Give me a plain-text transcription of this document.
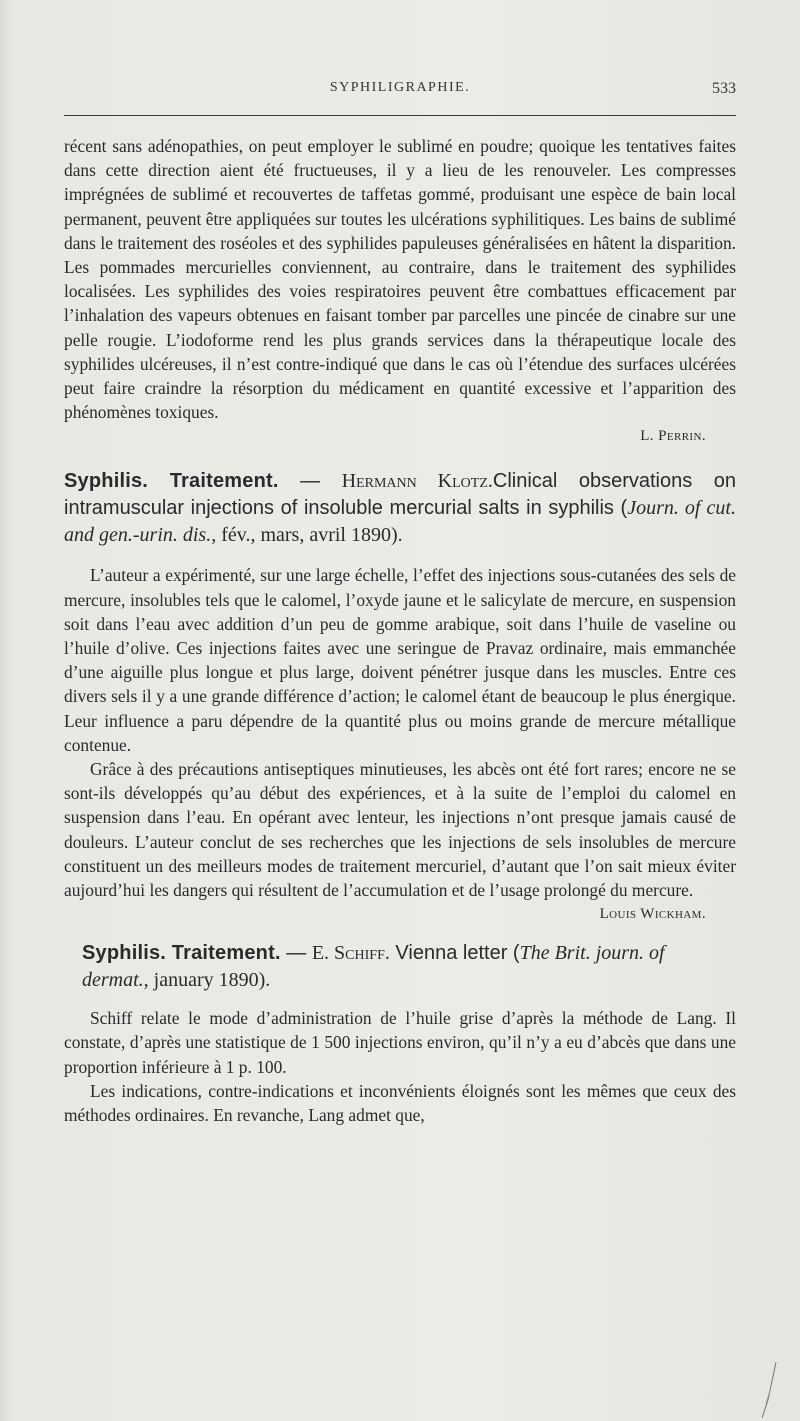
SYPHILIGRAPHIE.	533

récent sans adénopathies, on peut employer le sublimé en poudre; quoique les tentatives faites dans cette direction aient été fructueuses, il y a lieu de les renouveler. Les compresses imprégnées de sublimé et recouvertes de taffetas gommé, produisant une espèce de bain local permanent, peuvent être appliquées sur toutes les ulcérations syphilitiques. Les bains de sublimé dans le traitement des roséoles et des syphilides papuleuses généralisées en hâtent la disparition. Les pommades mercurielles conviennent, au contraire, dans le traitement des syphilides localisées. Les syphilides des voies respiratoires peuvent être combattues efficacement par l’inhalation des vapeurs obtenues en faisant tomber par parcelles une pincée de cinabre sur une pelle rougie. L’iodoforme rend les plus grands services dans la thérapeutique locale des syphilides ulcéreuses, il n’est contre-indiqué que dans le cas où l’étendue des surfaces ulcérées peut faire craindre la résorption du médicament en quantité excessive et l’apparition des phénomènes toxiques.

L. Perrin.

Syphilis. Traitement. — Hermann Klotz.Clinical observations on intramuscular injections of insoluble mercurial salts in syphilis (Journ. of cut. and gen.-urin. dis., fév., mars, avril 1890).

L’auteur a expérimenté, sur une large échelle, l’effet des injections sous-cutanées des sels de mercure, insolubles tels que le calomel, l’oxyde jaune et le salicylate de mercure, en suspension soit dans l’eau avec addition d’un peu de gomme arabique, soit dans l’huile de vaseline ou l’huile d’olive. Ces injections faites avec une seringue de Pravaz ordinaire, mais emmanchée d’une aiguille plus longue et plus large, doivent pénétrer jusque dans les muscles. Entre ces divers sels il y a une grande différence d’action; le calomel étant de beaucoup le plus énergique. Leur influence a paru dépendre de la quantité plus ou moins grande de mercure métallique contenue.

Grâce à des précautions antiseptiques minutieuses, les abcès ont été fort rares; encore ne se sont-ils développés qu’au début des expériences, et à la suite de l’emploi du calomel en suspension dans l’eau. En opérant avec lenteur, les injections n’ont presque jamais causé de douleurs. L’auteur conclut de ses recherches que les injections de sels insolubles de mercure constituent un des meilleurs modes de traitement mercuriel, d’autant que l’on sait mieux éviter aujourd’hui les dangers qui résultent de l’accumulation et de l’usage prolongé du mercure.

Louis Wickham.

Syphilis. Traitement. — E. Schiff. Vienna letter (The Brit. journ. of dermat., january 1890).

Schiff relate le mode d’administration de l’huile grise d’après la méthode de Lang. Il constate, d’après une statistique de 1 500 injections environ, qu’il n’y a eu d’abcès que dans une proportion inférieure à 1 p. 100.

Les indications, contre-indications et inconvénients éloignés sont les mêmes que ceux des méthodes ordinaires. En revanche, Lang admet que,
